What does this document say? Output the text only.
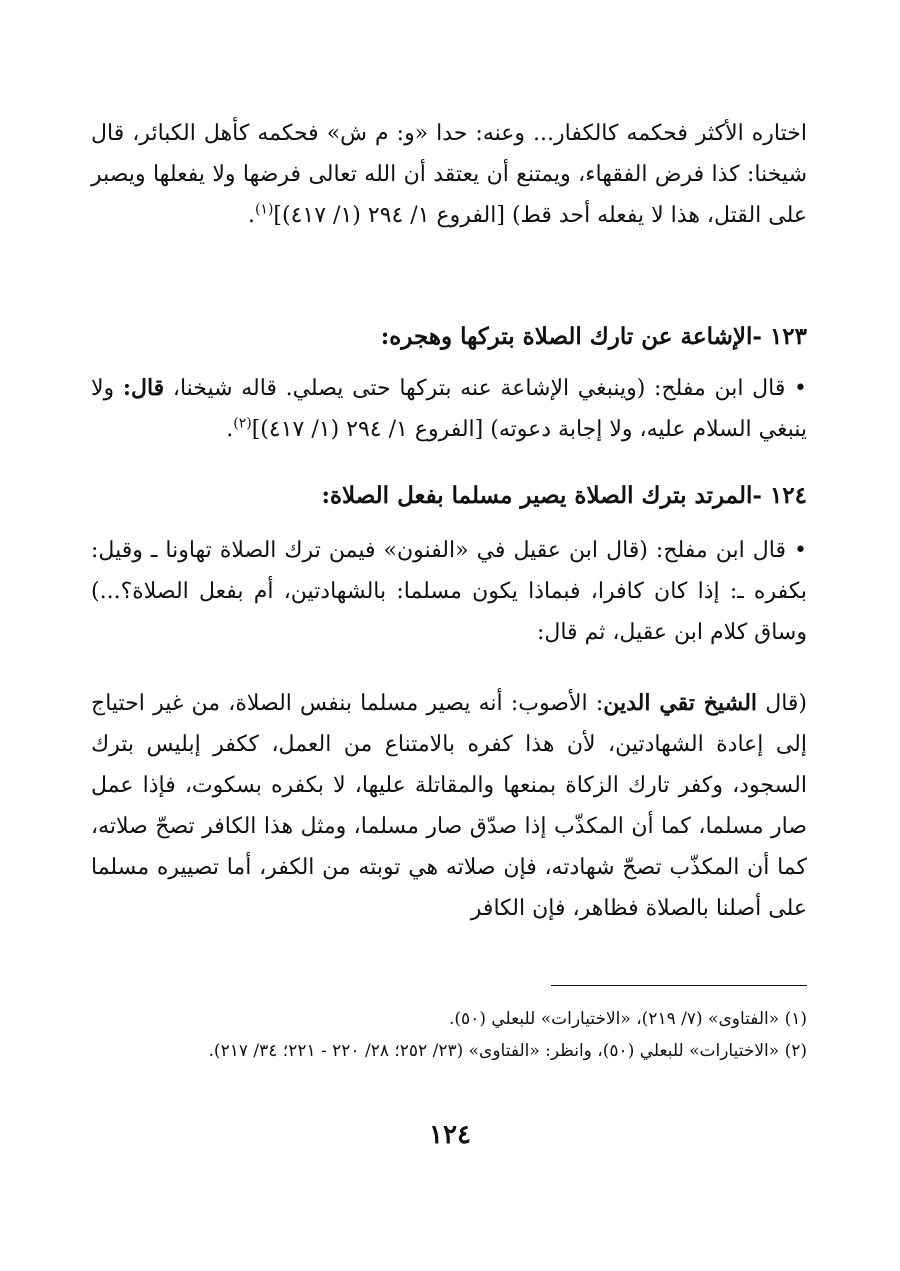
اختاره الأكثر فحكمه كالكفار... وعنه: حدا «و: م ش» فحكمه كأهل الكبائر، قال شيخنا: كذا فرض الفقهاء، ويمتنع أن يعتقد أن الله تعالى فرضها ولا يفعلها ويصبر على القتل، هذا لا يفعله أحد قط) [الفروع ١/ ٢٩٤ (١/ ٤١٧)]$^{(١)}$.

١٢٣ -الإشاعة عن تارك الصلاة بتركها وهجره:

• قال ابن مفلح: (وينبغي الإشاعة عنه بتركها حتى يصلي. قاله شيخنا، قال: ولا ينبغي السلام عليه، ولا إجابة دعوته) [الفروع ١/ ٢٩٤ (١/ ٤١٧)]$^{(٢)}$.

١٢٤ -المرتد بترك الصلاة يصير مسلما بفعل الصلاة:

• قال ابن مفلح: (قال ابن عقيل في «الفنون» فيمن ترك الصلاة تهاونا ـ وقيل: بكفره ـ: إذا كان كافرا، فبماذا يكون مسلما: بالشهادتين، أم بفعل الصلاة؟...) وساق كلام ابن عقيل، ثم قال:

(قال الشيخ تقي الدين: الأصوب: أنه يصير مسلما بنفس الصلاة، من غير احتياج إلى إعادة الشهادتين، لأن هذا كفره بالامتناع من العمل، ككفر إبليس بترك السجود، وكفر تارك الزكاة بمنعها والمقاتلة عليها، لا بكفره بسكوت، فإذا عمل صار مسلما، كما أن المكذّب إذا صدّق صار مسلما، ومثل هذا الكافر تصحّ صلاته، كما أن المكذّب تصحّ شهادته، فإن صلاته هي توبته من الكفر، أما تصييره مسلما على أصلنا بالصلاة فظاهر، فإن الكافر

(١) «الفتاوى» (٧/ ٢١٩)، «الاختيارات» للبعلي (٥٠).

(٢) «الاختيارات» للبعلي (٥٠)، وانظر: «الفتاوى» (٢٣/ ٢٥٢؛ ٢٨/ ٢٢٠ - ٢٢١؛ ٣٤/ ٢١٧).

١٢٤
